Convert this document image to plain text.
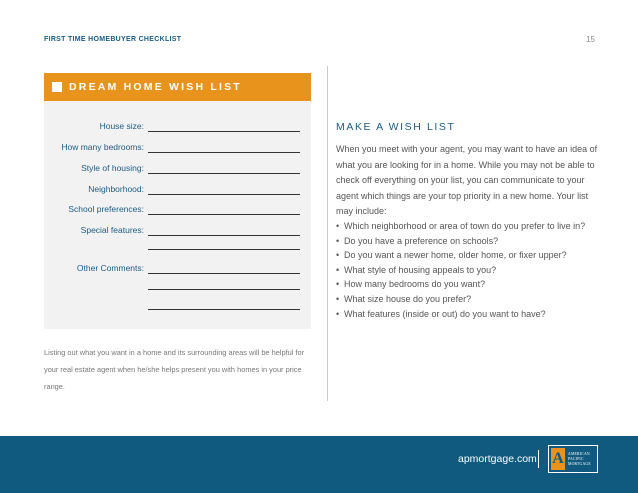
FIRST TIME HOMEBUYER CHECKLIST	15
DREAM HOME WISH LIST
House size:
How many bedrooms:
Style of housing:
Neighborhood:
School preferences:
Special features:
Other Comments:
Listing out what you want in a home and its surrounding areas will be helpful for your real estate agent when he/she helps present you with homes in your price range.
MAKE A WISH LIST
When you meet with your agent, you may want to have an idea of what you are looking for in a home. While you may not be able to check off everything on your list, you can communicate to your agent which things are your top priority in a new home. Your list may include:
• Which neighborhood or area of town do you prefer to live in?
• Do you have a preference on schools?
• Do you want a newer home, older home, or fixer upper?
• What style of housing appeals to you?
• How many bedrooms do you want?
• What size house do you prefer?
• What features (inside or out) do you want to have?
apmortgage.com A	AMERICAN
PACIFIC
MORTGAGE
